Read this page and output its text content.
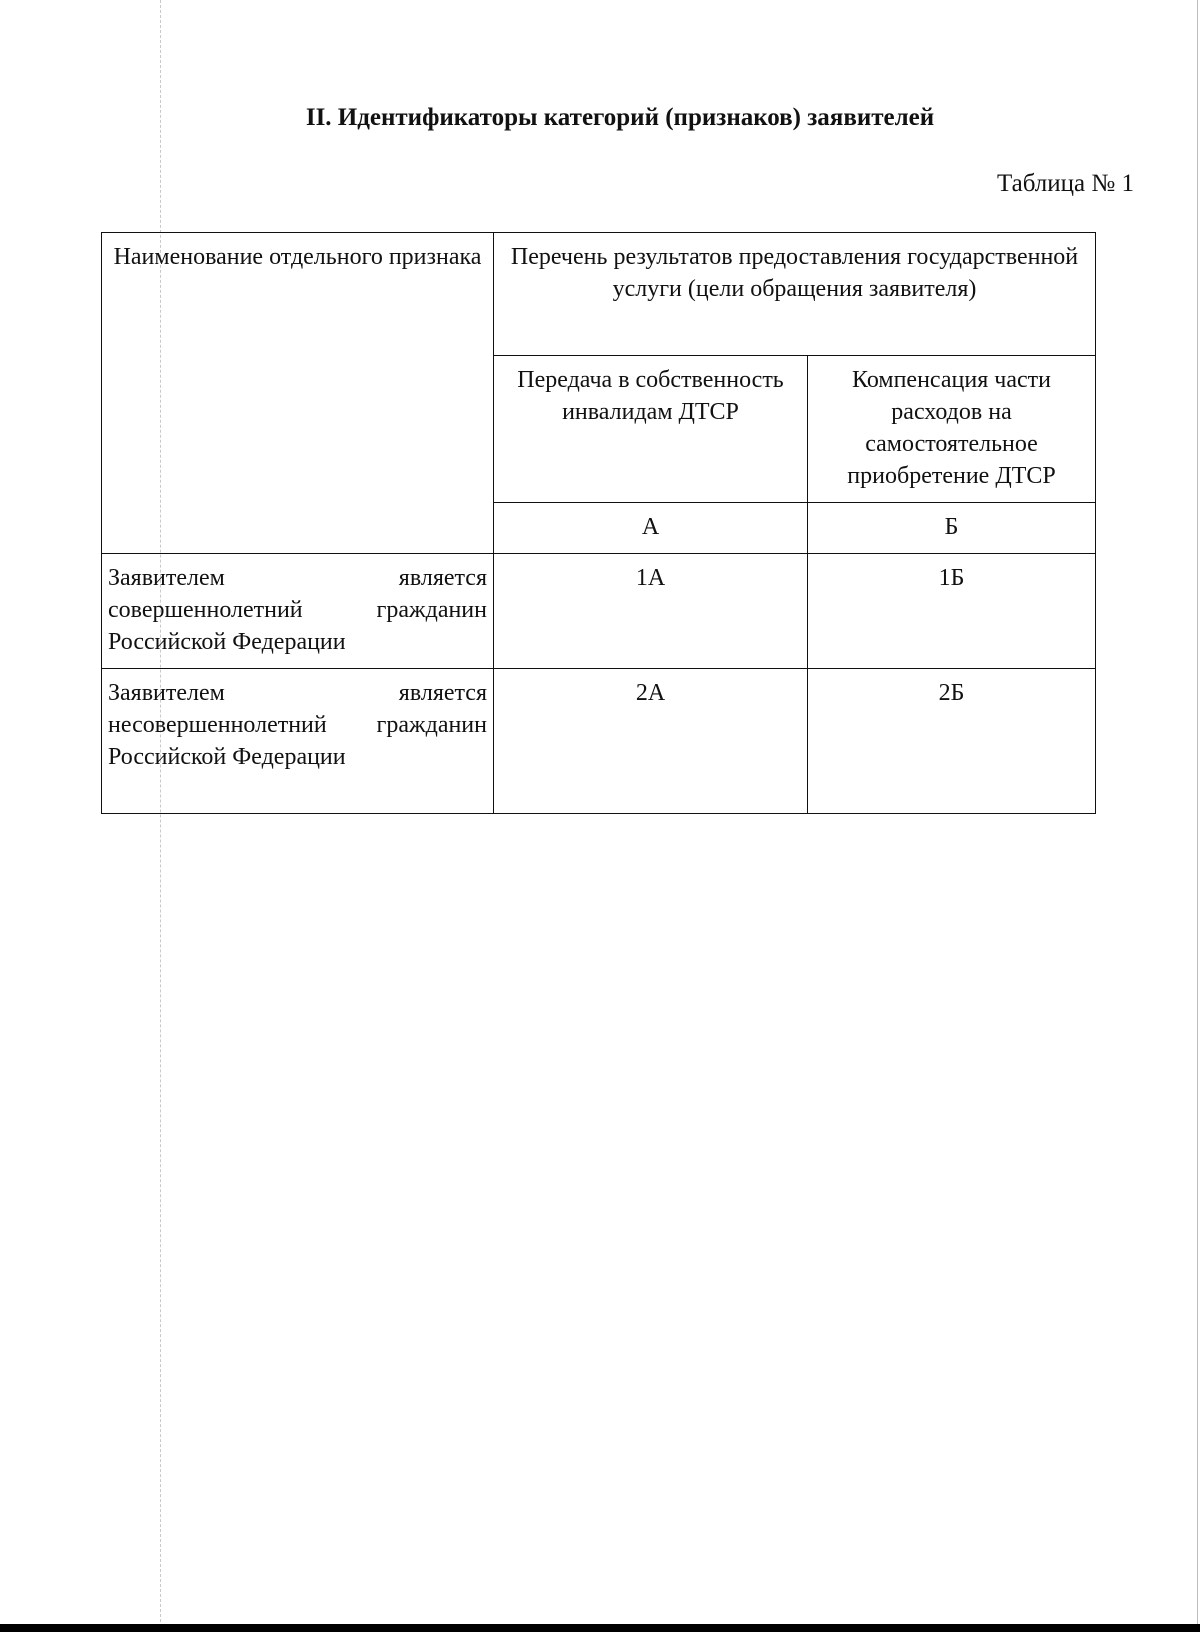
II. Идентификаторы категорий (признаков) заявителей

Таблица № 1

Наименование отдельного признака	Перечень результатов предоставления государственной услуги (цели обращения заявителя)	
	Передача в собственность инвалидам ДТСР	Компенсация части расходов на самостоятельное приобретение ДТСР
	А	Б
Заявителем является совершеннолетний гражданин Российской Федерации	1А	1Б
Заявителем является несовершеннолетний гражданин Российской Федерации	2А	2Б
